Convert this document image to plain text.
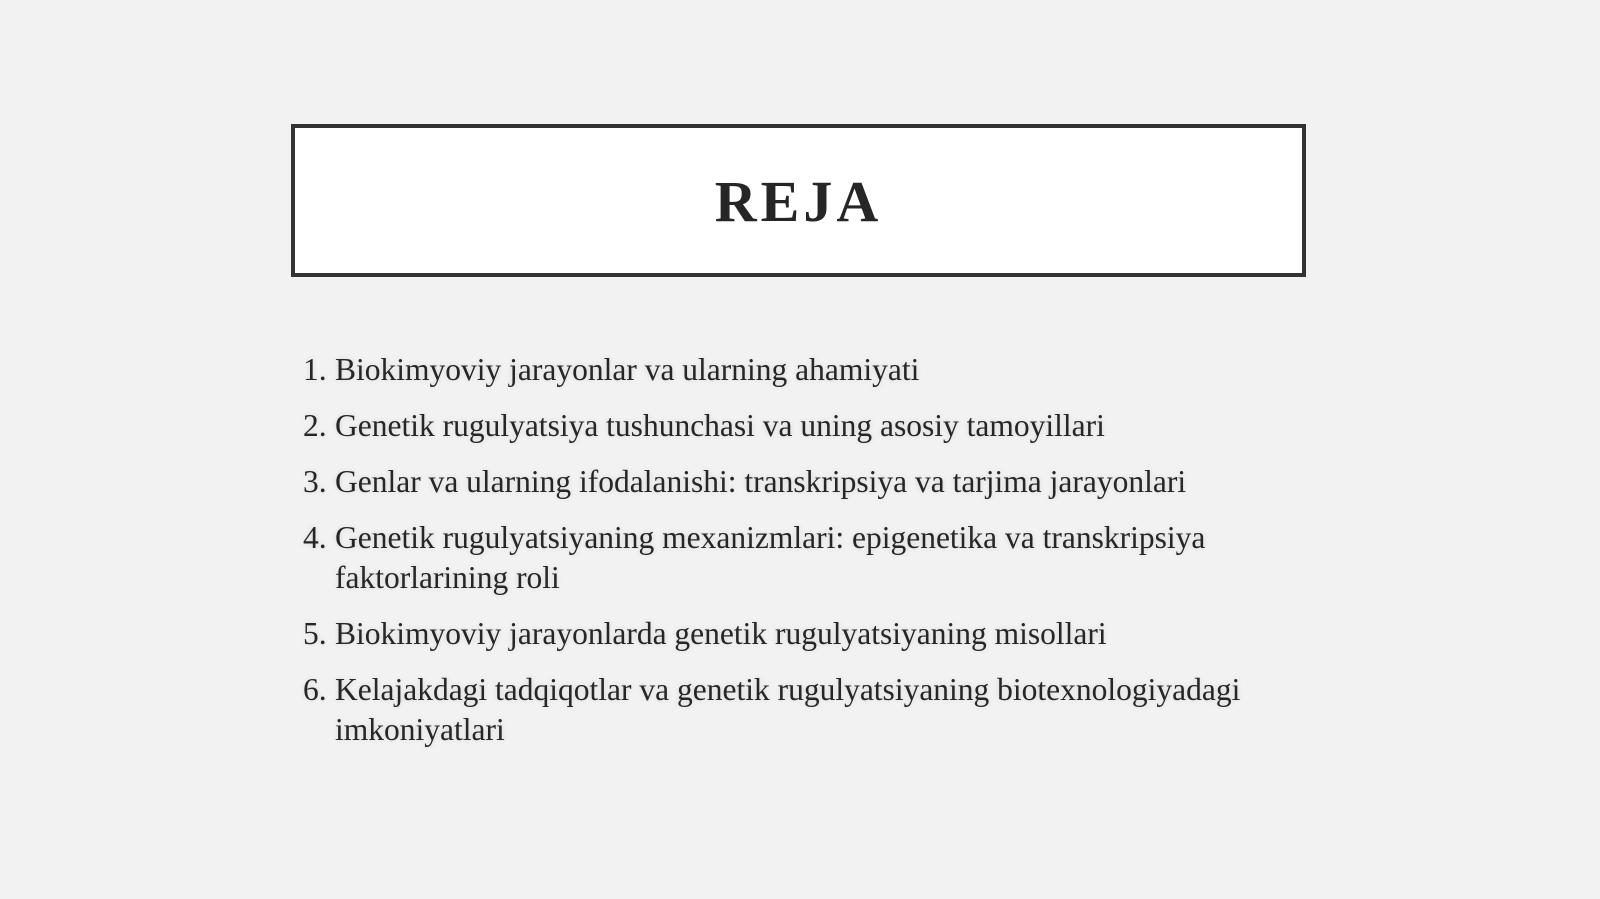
REJA
1. Biokimyoviy jarayonlar va ularning ahamiyati
2. Genetik rugulyatsiya tushunchasi va uning asosiy tamoyillari
3. Genlar va ularning ifodalanishi: transkripsiya va tarjima jarayonlari
4. Genetik rugulyatsiyaning mexanizmlari: epigenetika va transkripsiya faktorlarining roli
5. Biokimyoviy jarayonlarda genetik rugulyatsiyaning misollari
6. Kelajakdagi tadqiqotlar va genetik rugulyatsiyaning biotexnologiyadagi imkoniyatlari
